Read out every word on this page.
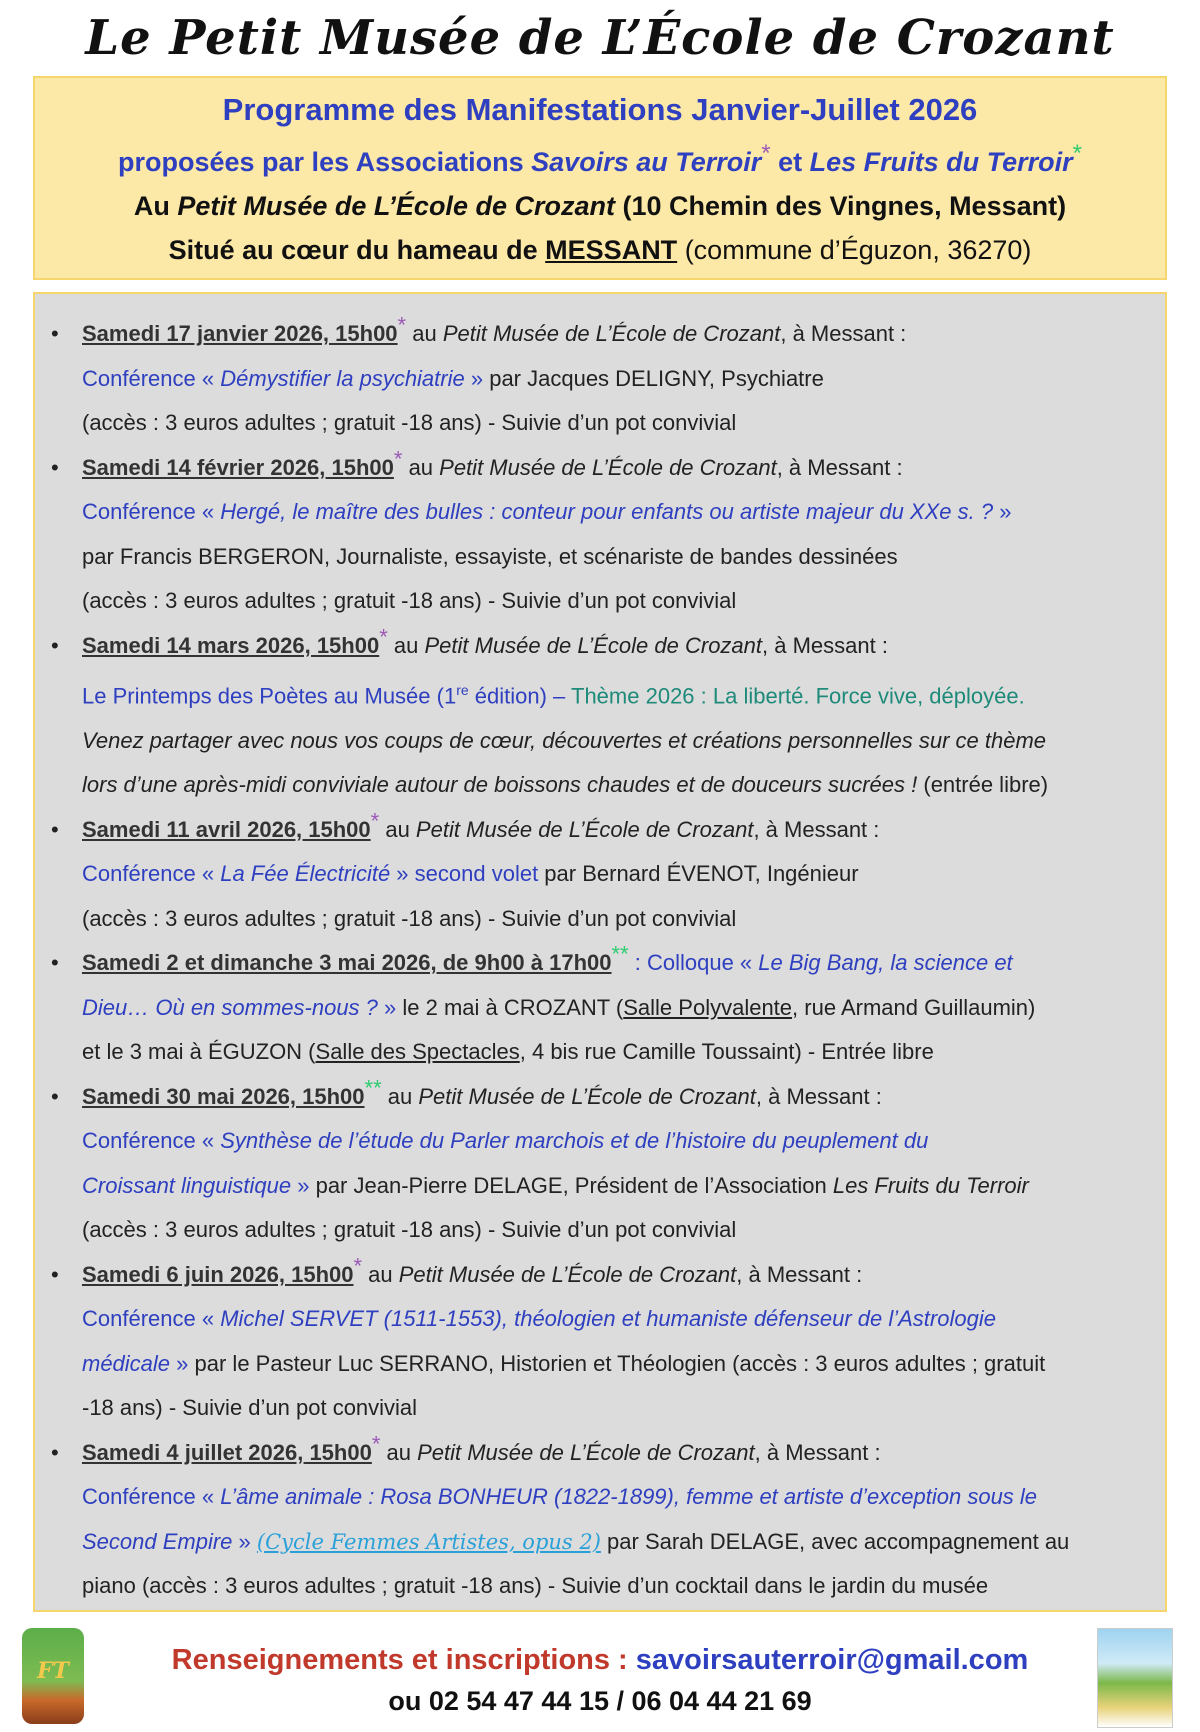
Le Petit Musée de L’École de Crozant
Programme des Manifestations Janvier-Juillet 2026
proposées par les Associations Savoirs au Terroir* et Les Fruits du Terroir*
Au Petit Musée de L’École de Crozant (10 Chemin des Vingnes, Messant)
Situé au cœur du hameau de MESSANT (commune d’Éguzon, 36270)
• Samedi 17 janvier 2026, 15h00* au Petit Musée de L’École de Crozant, à Messant :
Conférence « Démystifier la psychiatrie » par Jacques DELIGNY, Psychiatre
(accès : 3 euros adultes ; gratuit -18 ans) - Suivie d’un pot convivial
• Samedi 14 février 2026, 15h00* au Petit Musée de L’École de Crozant, à Messant :
Conférence « Hergé, le maître des bulles : conteur pour enfants ou artiste majeur du XXe s. ? »
par Francis BERGERON, Journaliste, essayiste, et scénariste de bandes dessinées
(accès : 3 euros adultes ; gratuit -18 ans) - Suivie d’un pot convivial
• Samedi 14 mars 2026, 15h00* au Petit Musée de L’École de Crozant, à Messant :
Le Printemps des Poètes au Musée (1re édition) – Thème 2026 : La liberté. Force vive, déployée.
Venez partager avec nous vos coups de cœur, découvertes et créations personnelles sur ce thème
lors d’une après-midi conviviale autour de boissons chaudes et de douceurs sucrées ! (entrée libre)
• Samedi 11 avril 2026, 15h00* au Petit Musée de L’École de Crozant, à Messant :
Conférence « La Fée Électricité » second volet par Bernard ÉVENOT, Ingénieur
(accès : 3 euros adultes ; gratuit -18 ans) - Suivie d’un pot convivial
• Samedi 2 et dimanche 3 mai 2026, de 9h00 à 17h00** : Colloque « Le Big Bang, la science et
Dieu… Où en sommes-nous ? » le 2 mai à CROZANT (Salle Polyvalente, rue Armand Guillaumin)
et le 3 mai à ÉGUZON (Salle des Spectacles, 4 bis rue Camille Toussaint) - Entrée libre
• Samedi 30 mai 2026, 15h00** au Petit Musée de L’École de Crozant, à Messant :
Conférence « Synthèse de l’étude du Parler marchois et de l’histoire du peuplement du
Croissant linguistique » par Jean-Pierre DELAGE, Président de l’Association Les Fruits du Terroir
(accès : 3 euros adultes ; gratuit -18 ans) - Suivie d’un pot convivial
• Samedi 6 juin 2026, 15h00* au Petit Musée de L’École de Crozant, à Messant :
Conférence « Michel SERVET (1511-1553), théologien et humaniste défenseur de l’Astrologie
médicale » par le Pasteur Luc SERRANO, Historien et Théologien (accès : 3 euros adultes ; gratuit
-18 ans) - Suivie d’un pot convivial
• Samedi 4 juillet 2026, 15h00* au Petit Musée de L’École de Crozant, à Messant :
Conférence « L’âme animale : Rosa BONHEUR (1822-1899), femme et artiste d’exception sous le
Second Empire » (Cycle Femmes Artistes, opus 2) par Sarah DELAGE, avec accompagnement au
piano (accès : 3 euros adultes ; gratuit -18 ans) - Suivie d’un cocktail dans le jardin du musée
FT	Renseignements et inscriptions : savoirsauterroir@gmail.com
ou 02 54 47 44 15 / 06 04 44 21 69
